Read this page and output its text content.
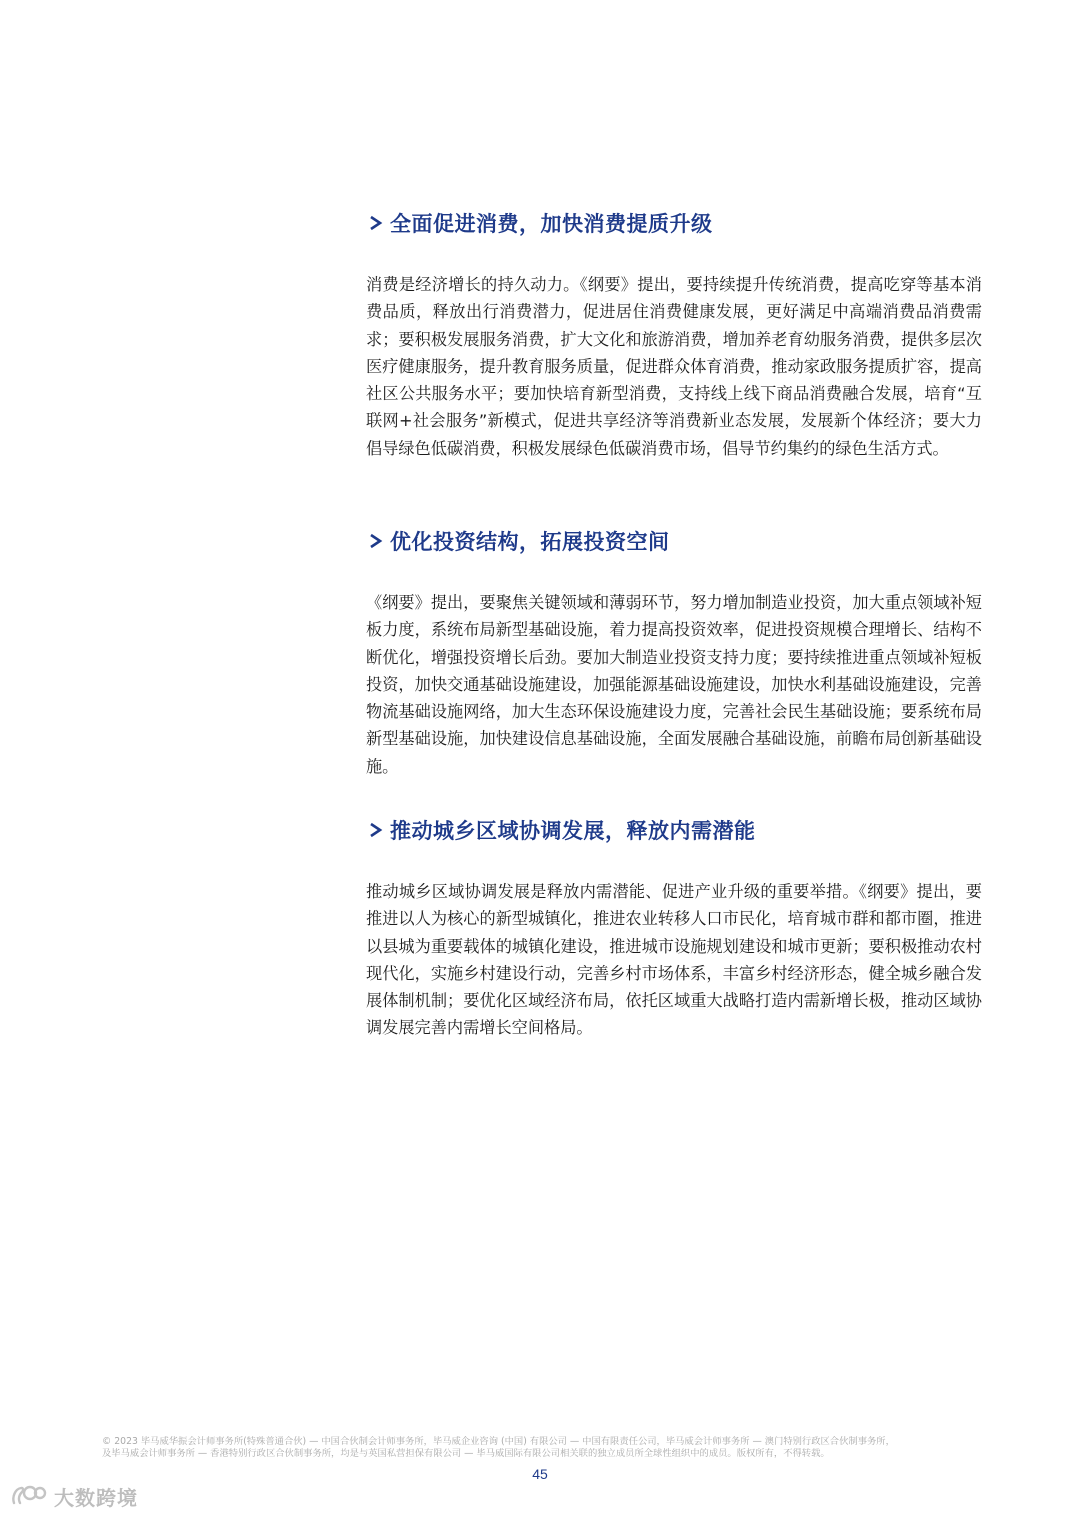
全面促进消费，加快消费提质升级

消费是经济增长的持久动力。《纲要》提出，要持续提升传统消费，提高吃穿等基本消费品质，释放出行消费潜力，促进居住消费健康发展，更好满足中高端消费品消费需求；要积极发展服务消费，扩大文化和旅游消费，增加养老育幼服务消费，提供多层次医疗健康服务，提升教育服务质量，促进群众体育消费，推动家政服务提质扩容，提高社区公共服务水平；要加快培育新型消费，支持线上线下商品消费融合发展，培育“互联网+社会服务”新模式，促进共享经济等消费新业态发展，发展新个体经济；要大力倡导绿色低碳消费，积极发展绿色低碳消费市场，倡导节约集约的绿色生活方式。

优化投资结构，拓展投资空间

《纲要》提出，要聚焦关键领域和薄弱环节，努力增加制造业投资，加大重点领域补短板力度，系统布局新型基础设施，着力提高投资效率，促进投资规模合理增长、结构不断优化，增强投资增长后劲。要加大制造业投资支持力度；要持续推进重点领域补短板投资，加快交通基础设施建设，加强能源基础设施建设，加快水利基础设施建设，完善物流基础设施网络，加大生态环保设施建设力度，完善社会民生基础设施；要系统布局新型基础设施，加快建设信息基础设施，全面发展融合基础设施，前瞻布局创新基础设施。

推动城乡区域协调发展，释放内需潜能

推动城乡区域协调发展是释放内需潜能、促进产业升级的重要举措。《纲要》提出，要推进以人为核心的新型城镇化，推进农业转移人口市民化，培育城市群和都市圈，推进以县城为重要载体的城镇化建设，推进城市设施规划建设和城市更新；要积极推动农村现代化，实施乡村建设行动，完善乡村市场体系，丰富乡村经济形态，健全城乡融合发展体制机制；要优化区域经济布局，依托区域重大战略打造内需新增长极，推动区域协调发展完善内需增长空间格局。

© 2023 毕马威华振会计师事务所(特殊普通合伙) — 中国合伙制会计师事务所，毕马威企业咨询 (中国) 有限公司 — 中国有限责任公司，毕马威会计师事务所 — 澳门特别行政区合伙制事务所，

及毕马威会计师事务所 — 香港特别行政区合伙制事务所，均是与英国私营担保有限公司 — 毕马威国际有限公司相关联的独立成员所全球性组织中的成员。版权所有，不得转载。

45
大数跨境
